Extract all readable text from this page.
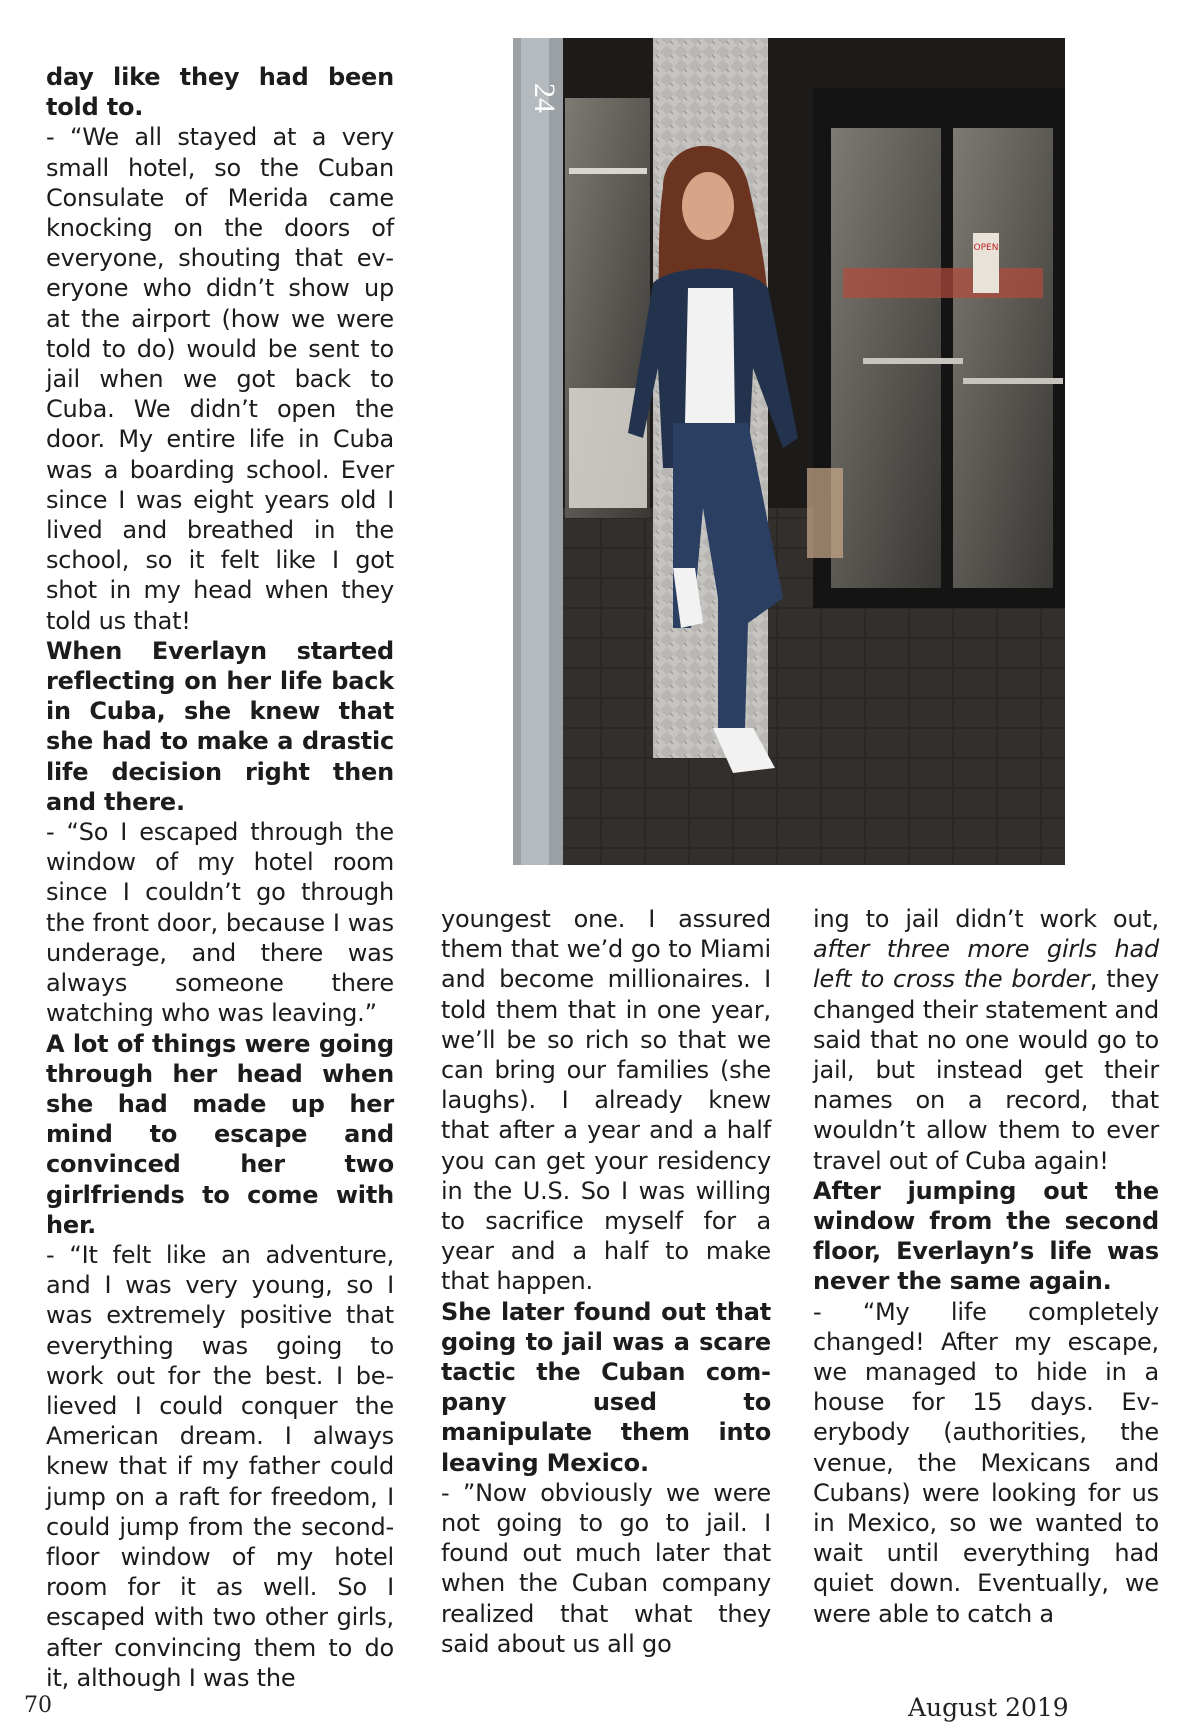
day like they had been told to.

- “We all stayed at a very small hotel, so the Cuban Consulate of Merida came knocking on the doors of everyone, shouting that everyone who didn’t show up at the airport (how we were told to do) would be sent to jail when we got back to Cuba. We didn’t open the door. My entire life in Cuba was a boarding school. Ever since I was eight years old I lived and breathed in the school, so it felt like I got shot in my head when they told us that!

When Everlayn started reflecting on her life back in Cuba, she knew that she had to make a drastic life decision right then and there.

- “So I escaped through the window of my hotel room since I couldn’t go through the front door, because I was underage, and there was always someone there watching who was leaving.”

A lot of things were going through her head when she had made up her mind to escape and convinced her two girlfriends to come with her.

- “It felt like an adventure, and I was very young, so I was extremely positive that everything was going to work out for the best. I believed I could conquer the American dream. I always knew that if my father could jump on a raft for freedom, I could jump from the second-floor window of my hotel room for it as well. So I escaped with two other girls, after convincing them to do it, although I was the

24
OPEN

youngest one. I assured them that we’d go to Miami and become millionaires. I told them that in one year, we’ll be so rich so that we can bring our families (she laughs). I already knew that after a year and a half you can get your residency in the U.S. So I was willing to sacrifice myself for a year and a half to make that happen.

She later found out that going to jail was a scare tactic the Cuban company used to manipulate them into leaving Mexico.

- ”Now obviously we were not going to go to jail. I found out much later that when the Cuban company realized that what they said about us all go

ing to jail didn’t work out, after three more girls had left to cross the border, they changed their statement and said that no one would go to jail, but instead get their names on a record, that wouldn’t allow them to ever travel out of Cuba again!

After jumping out the window from the second floor, Everlayn’s life was never the same again.

- “My life completely changed! After my escape, we managed to hide in a house for 15 days. Everybody (authorities, the venue, the Mexicans and Cubans) were looking for us in Mexico, so we wanted to wait until everything had quiet down. Eventually, we were able to catch a

70	August 2019
